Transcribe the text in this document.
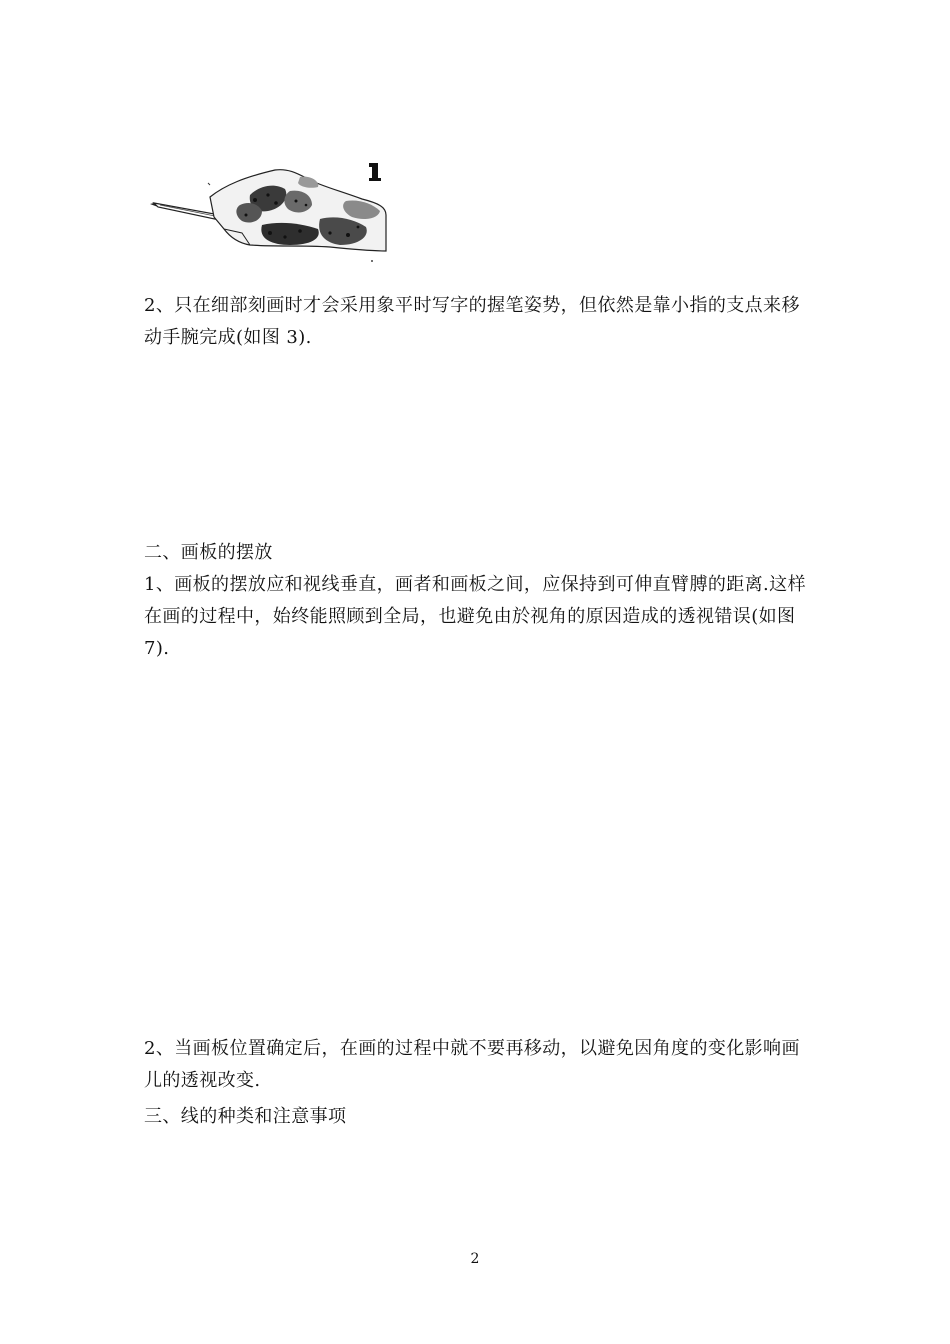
2、只在细部刻画时才会采用象平时写字的握笔姿势，但依然是靠小指的支点来移动手腕完成(如图 3).

二、画板的摆放

1、画板的摆放应和视线垂直，画者和画板之间，应保持到可伸直臂膊的距离.这样在画的过程中，始终能照顾到全局，也避免由於视角的原因造成的透视错误(如图 7).

2、当画板位置确定后，在画的过程中就不要再移动，以避免因角度的变化影响画儿的透视改变.

三、线的种类和注意事项

2
